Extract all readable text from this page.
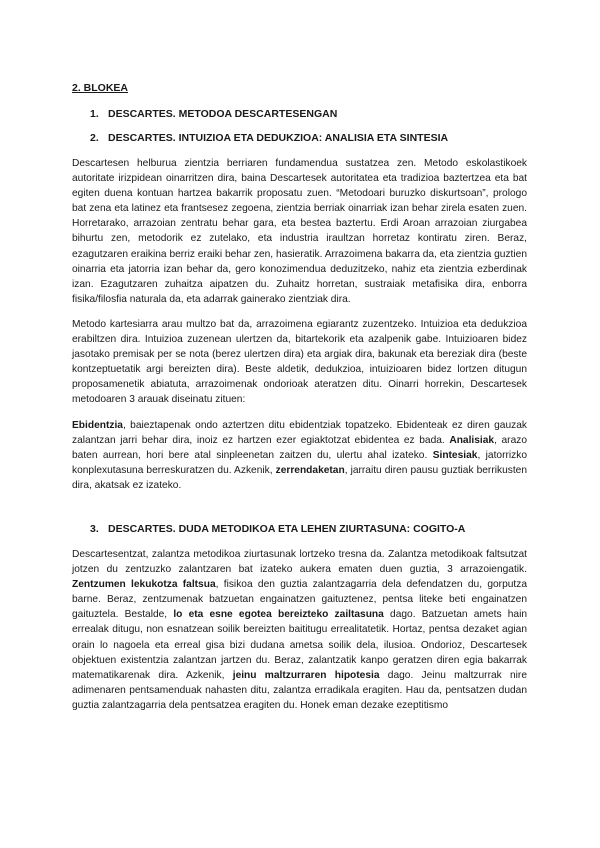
2. BLOKEA
1. DESCARTES. METODOA DESCARTESENGAN
2. DESCARTES. INTUIZIOA ETA DEDUKZIOA: ANALISIA ETA SINTESIA

Descartesen helburua zientzia berriaren fundamendua sustatzea zen. Metodo eskolastikoek autoritate irizpidean oinarritzen dira, baina Descartesek autoritatea eta tradizioa baztertzea eta bat egiten duena kontuan hartzea bakarrik proposatu zuen. “Metodoari buruzko diskurtsoan”, prologo bat zena eta latinez eta frantsesez zegoena, zientzia berriak oinarriak izan behar zirela esaten zuen. Horretarako, arrazoian zentratu behar gara, eta bestea baztertu. Erdi Aroan arrazoian ziurgabea bihurtu zen, metodorik ez zutelako, eta industria iraultzan horretaz kontiratu ziren. Beraz, ezagutzaren eraikina berriz eraiki behar zen, hasieratik. Arrazoimena bakarra da, eta zientzia guztien oinarria eta jatorria izan behar da, gero konozimendua deduzitzeko, nahiz eta zientzia ezberdinak izan. Ezagutzaren zuhaitza aipatzen du. Zuhaitz horretan, sustraiak metafisika dira, enborra fisika/filosfia naturala da, eta adarrak gainerako zientziak dira.

Metodo kartesiarra arau multzo bat da, arrazoimena egiarantz zuzentzeko. Intuizioa eta dedukzioa erabiltzen dira. Intuizioa zuzenean ulertzen da, bitartekorik eta azalpenik gabe. Intuizioaren bidez jasotako premisak per se nota (berez ulertzen dira) eta argiak dira, bakunak eta bereziak dira (beste kontzeptuetatik argi bereizten dira). Beste aldetik, dedukzioa, intuizioaren bidez lortzen ditugun proposamenetik abiatuta, arrazoimenak ondorioak ateratzen ditu. Oinarri horrekin, Descartesek metodoaren 3 arauak diseinatu zituen:

Ebidentzia, baieztapenak ondo aztertzen ditu ebidentziak topatzeko. Ebidenteak ez diren gauzak zalantzan jarri behar dira, inoiz ez hartzen ezer egiaktotzat ebidentea ez bada. Analisiak, arazo baten aurrean, hori bere atal sinpleenetan zaitzen du, ulertu ahal izateko. Sintesiak, jatorrizko konplexutasuna berreskuratzen du. Azkenik, zerrendaketan, jarraitu diren pausu guztiak berrikusten dira, akatsak ez izateko.

3. DESCARTES. DUDA METODIKOA ETA LEHEN ZIURTASUNA: COGITO-A

Descartesentzat, zalantza metodikoa ziurtasunak lortzeko tresna da. Zalantza metodikoak faltsutzat jotzen du zentzuzko zalantzaren bat izateko aukera ematen duen guztia, 3 arrazoiengatik. Zentzumen lekukotza faltsua, fisikoa den guztia zalantzagarria dela defendatzen du, gorputza barne. Beraz, zentzumenak batzuetan engainatzen gaituztenez, pentsa liteke beti engainatzen gaituztela. Bestalde, lo eta esne egotea bereizteko zailtasuna dago. Batzuetan amets hain errealak ditugu, non esnatzean soilik bereizten baititugu errealitatetik. Hortaz, pentsa dezaket agian orain lo nagoela eta erreal gisa bizi dudana ametsa soilik dela, ilusioa. Ondorioz, Descartesek objektuen existentzia zalantzan jartzen du. Beraz, zalantzatik kanpo geratzen diren egia bakarrak matematikarenak dira. Azkenik, jeinu maltzurraren hipotesia dago. Jeinu maltzurrak nire adimenaren pentsamenduak nahasten ditu, zalantza erradikala eragiten. Hau da, pentsatzen dudan guztia zalantzagarria dela pentsatzea eragiten du. Honek eman dezake ezeptitismo
